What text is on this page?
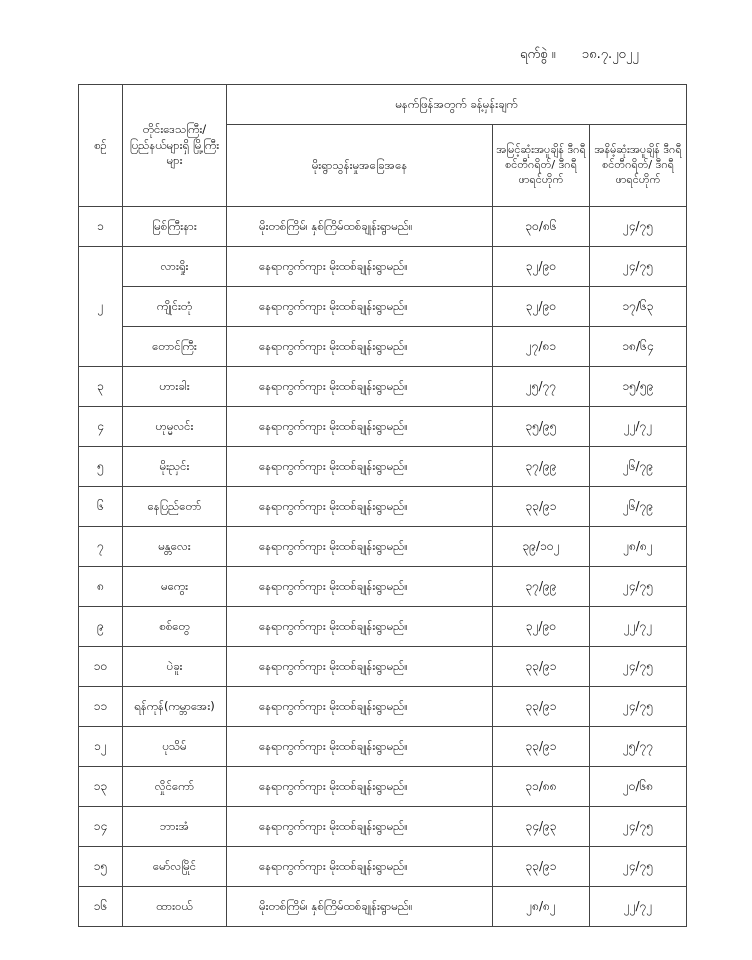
ရက်စွဲ ။ ၁၈.၇.၂၀၂၂
စဉ်	တိုင်းဒေသကြီး/ ပြည်နယ်များရှိ မြို့ကြီးများ	မနက်ဖြန်အတွက် ခန့်မှန်းချက်		
		မိုးရွာသွန်းမှုအခြေအနေ	အမြင့်ဆုံးအပူချိန် ဒီဂရီစင်တီဂရိတ်/ ဒီဂရီဖာရင်ဟိုက်	အနိမ့်ဆုံးအပူချိန် ဒီဂရီစင်တီဂရိတ်/ ဒီဂရီဖာရင်ဟိုက်
၁	မြစ်ကြီးနား	မိုးတစ်ကြိမ်၊ နှစ်ကြိမ်ထစ်ချုန်းရွာမည်။	၃၀/၈၆	၂၄/၇၅
၂	လားရှိုး	နေရာကွက်ကျား မိုးထစ်ချုန်းရွာမည်။	၃၂/၉၀	၂၄/၇၅
	ကျိုင်းတုံ	နေရာကွက်ကျား မိုးထစ်ချုန်းရွာမည်။	၃၂/၉၀	၁၇/၆၃
	တောင်ကြီး	နေရာကွက်ကျား မိုးထစ်ချုန်းရွာမည်။	၂၇/၈၁	၁၈/၆၄
၃	ဟားခါး	နေရာကွက်ကျား မိုးထစ်ချုန်းရွာမည်။	၂၅/၇၇	၁၅/၅၉
၄	ဟုမ္မလင်း	နေရာကွက်ကျား မိုးထစ်ချုန်းရွာမည်။	၃၅/၉၅	၂၂/၇၂
၅	မိုးညှင်း	နေရာကွက်ကျား မိုးထစ်ချုန်းရွာမည်။	၃၇/၉၉	၂၆/၇၉
၆	နေပြည်တော်	နေရာကွက်ကျား မိုးထစ်ချုန်းရွာမည်။	၃၃/၉၁	၂၆/၇၉
၇	မန္တလေး	နေရာကွက်ကျား မိုးထစ်ချုန်းရွာမည်။	၃၉/၁၀၂	၂၈/၈၂
၈	မကွေး	နေရာကွက်ကျား မိုးထစ်ချုန်းရွာမည်။	၃၇/၉၉	၂၄/၇၅
၉	စစ်တွေ	နေရာကွက်ကျား မိုးထစ်ချုန်းရွာမည်။	၃၂/၉၀	၂၂/၇၂
၁၀	ပဲခူး	နေရာကွက်ကျား မိုးထစ်ချုန်းရွာမည်။	၃၃/၉၁	၂၄/၇၅
၁၁	ရန်ကုန်(ကမ္ဘာအေး)	နေရာကွက်ကျား မိုးထစ်ချုန်းရွာမည်။	၃၃/၉၁	၂၄/၇၅
၁၂	ပုသိမ်	နေရာကွက်ကျား မိုးထစ်ချုန်းရွာမည်။	၃၃/၉၁	၂၅/၇၇
၁၃	လှိုင်ကော်	နေရာကွက်ကျား မိုးထစ်ချုန်းရွာမည်။	၃၁/၈၈	၂၀/၆၈
၁၄	ဘားအံ	နေရာကွက်ကျား မိုးထစ်ချုန်းရွာမည်။	၃၄/၉၃	၂၄/၇၅
၁၅	မော်လမြိုင်	နေရာကွက်ကျား မိုးထစ်ချုန်းရွာမည်။	၃၃/၉၁	၂၄/၇၅
၁၆	ထားဝယ်	မိုးတစ်ကြိမ်၊ နှစ်ကြိမ်ထစ်ချုန်းရွာမည်။	၂၈/၈၂	၂၂/၇၂
